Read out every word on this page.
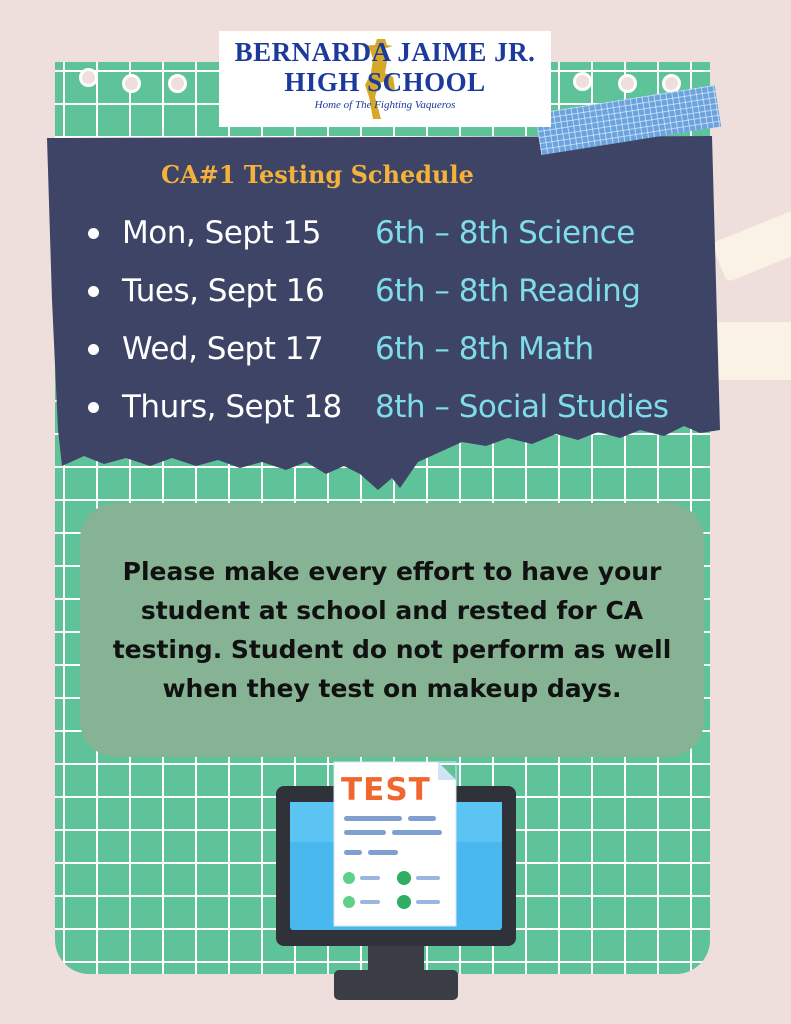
BERNARDA JAIME JR.
HIGH SCHOOL
Home of The Fighting Vaqueros
CA#1 Testing Schedule
Mon, Sept 15	6th – 8th Science
Tues, Sept 16	6th – 8th Reading
Wed, Sept 17	6th – 8th Math
Thurs, Sept 18	8th – Social Studies

Please make every effort to have your student at school and rested for CA testing. Student do not perform as well when they test on makeup days.

TEST
